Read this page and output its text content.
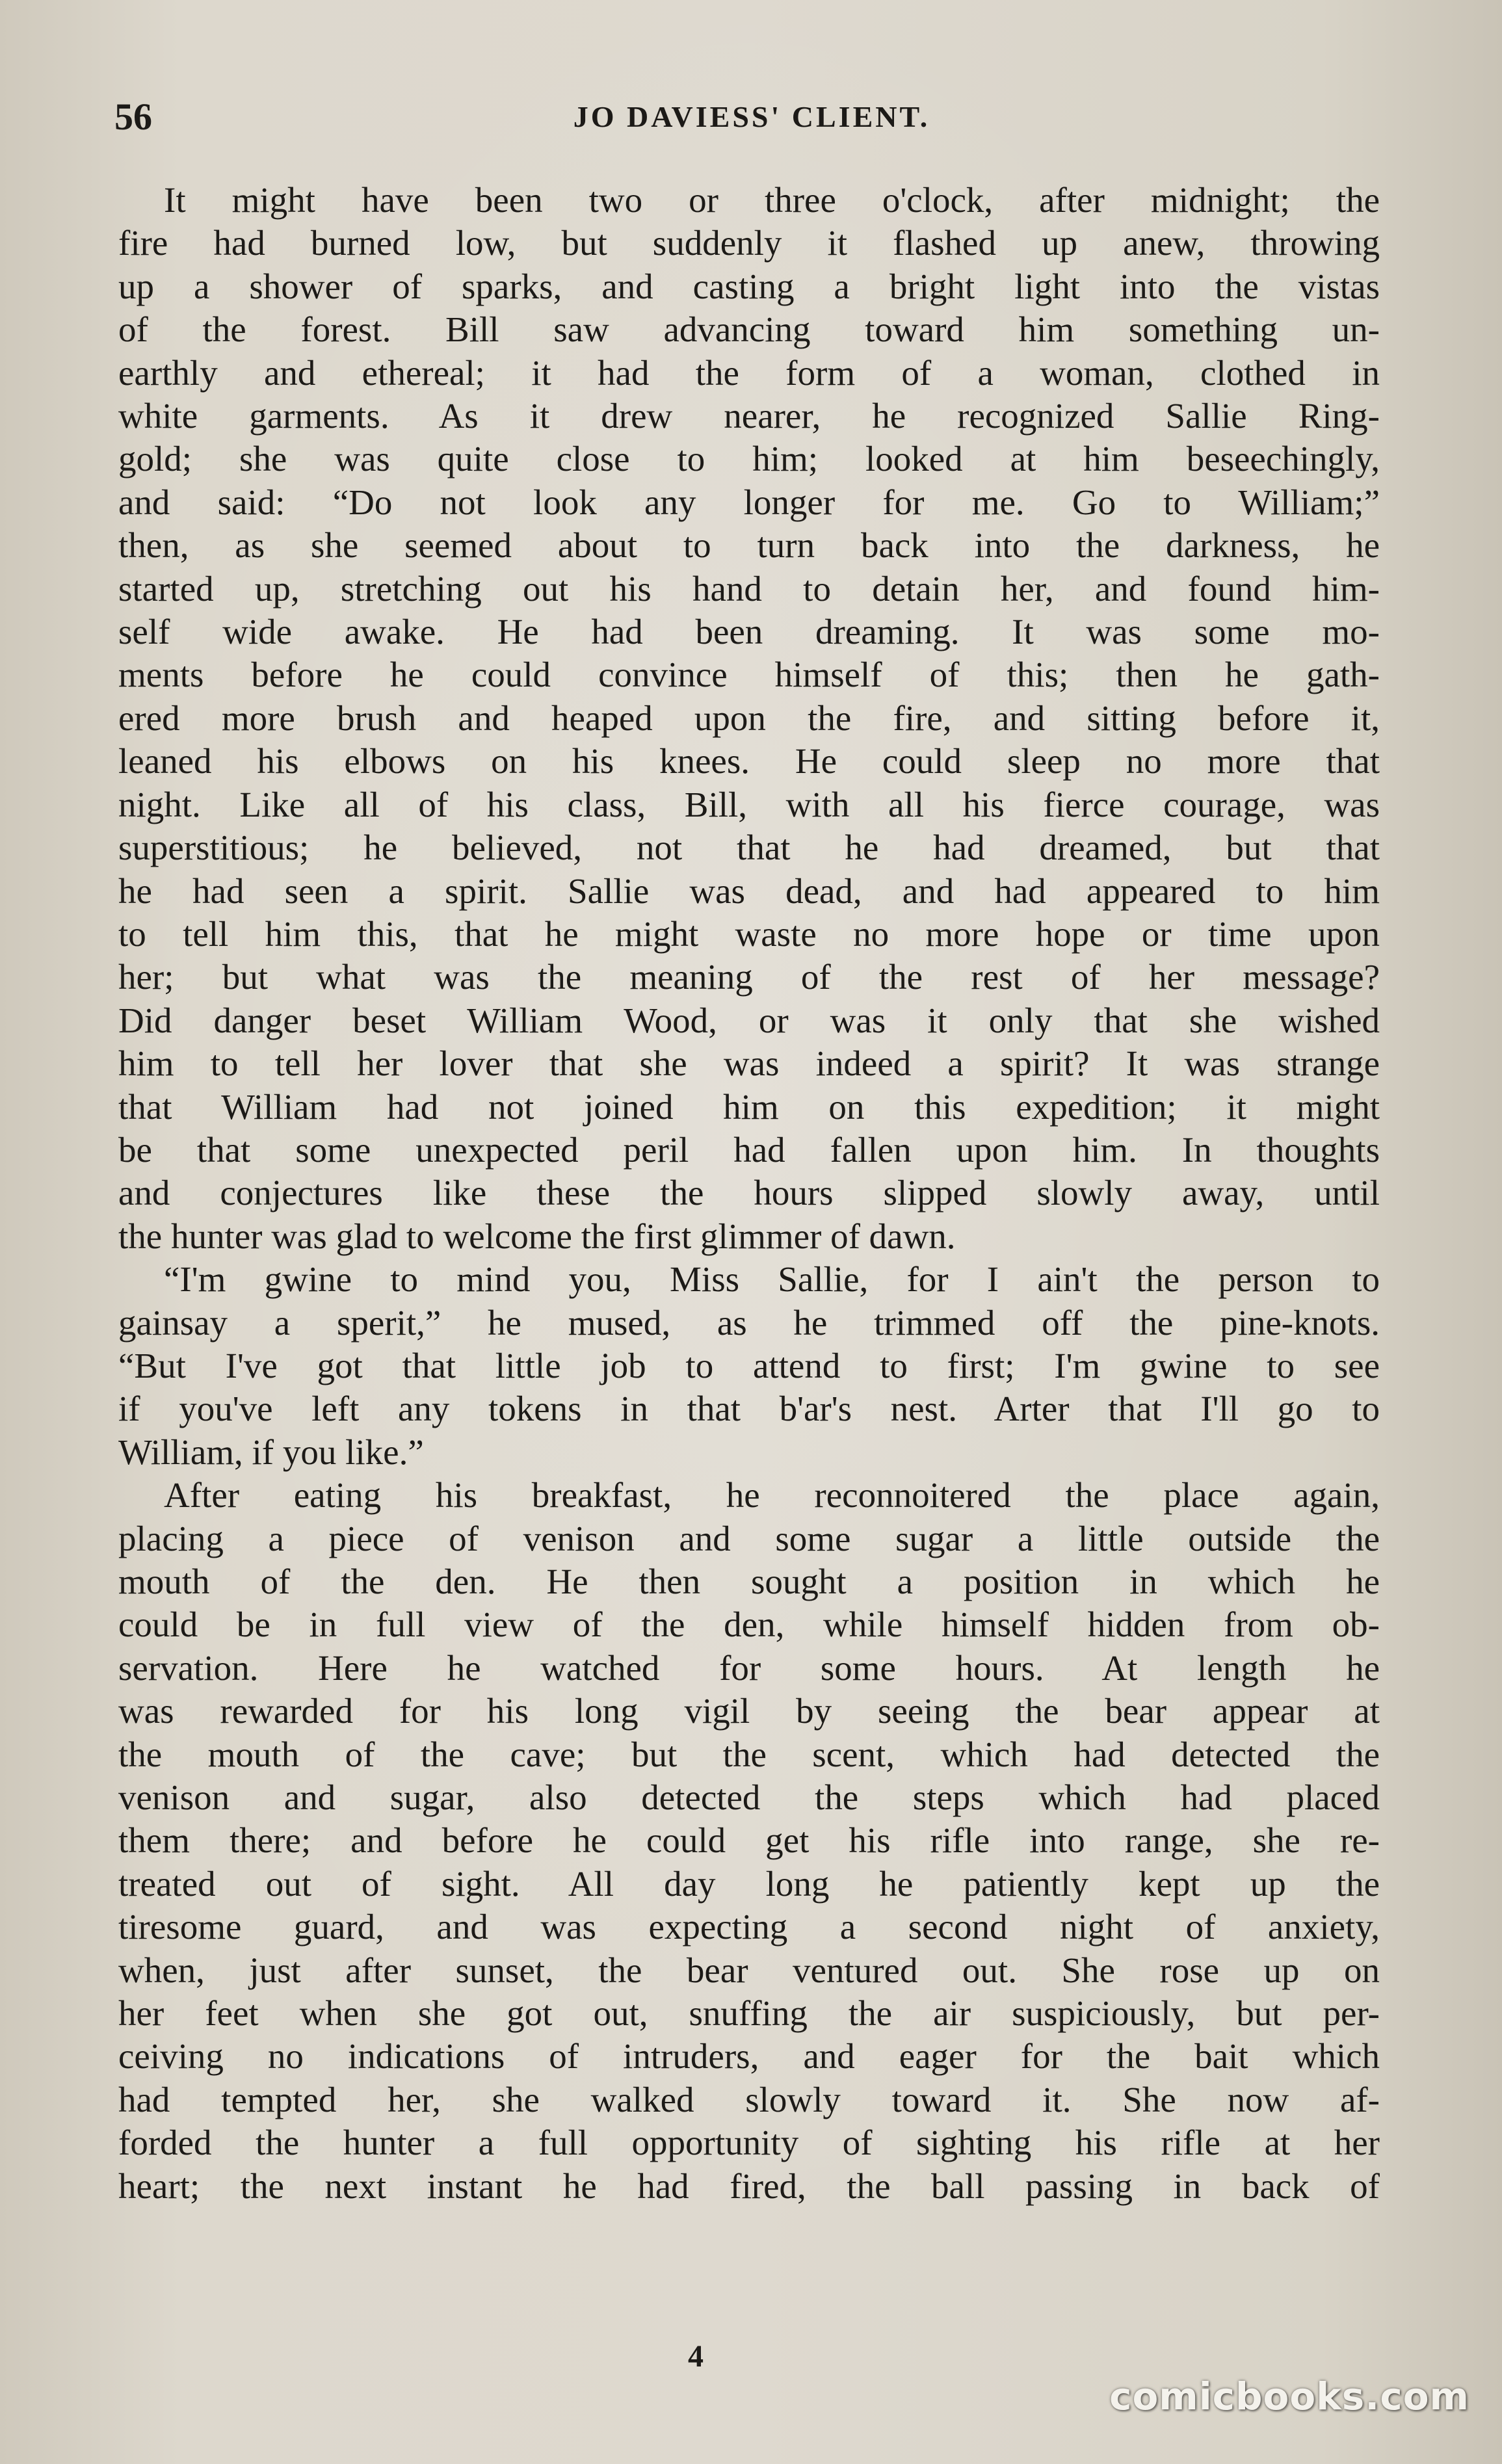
56	JO DAVIESS' CLIENT.

It might have been two or three o'clock, after midnight; the
fire had burned low, but suddenly it flashed up anew, throwing
up a shower of sparks, and casting a bright light into the vistas
of the forest. Bill saw advancing toward him something un-
earthly and ethereal; it had the form of a woman, clothed in
white garments. As it drew nearer, he recognized Sallie Ring-
gold; she was quite close to him; looked at him beseechingly,
and said: “Do not look any longer for me. Go to William;”
then, as she seemed about to turn back into the darkness, he
started up, stretching out his hand to detain her, and found him-
self wide awake. He had been dreaming. It was some mo-
ments before he could convince himself of this; then he gath-
ered more brush and heaped upon the fire, and sitting before it,
leaned his elbows on his knees. He could sleep no more that
night. Like all of his class, Bill, with all his fierce courage, was
superstitious; he believed, not that he had dreamed, but that
he had seen a spirit. Sallie was dead, and had appeared to him
to tell him this, that he might waste no more hope or time upon
her; but what was the meaning of the rest of her message?
Did danger beset William Wood, or was it only that she wished
him to tell her lover that she was indeed a spirit? It was strange
that William had not joined him on this expedition; it might
be that some unexpected peril had fallen upon him. In thoughts
and conjectures like these the hours slipped slowly away, until
the hunter was glad to welcome the first glimmer of dawn.

“I'm gwine to mind you, Miss Sallie, for I ain't the person to
gainsay a sperit,” he mused, as he trimmed off the pine-knots.
“But I've got that little job to attend to first; I'm gwine to see
if you've left any tokens in that b'ar's nest. Arter that I'll go to
William, if you like.”

After eating his breakfast, he reconnoitered the place again,
placing a piece of venison and some sugar a little outside the
mouth of the den. He then sought a position in which he
could be in full view of the den, while himself hidden from ob-
servation. Here he watched for some hours. At length he
was rewarded for his long vigil by seeing the bear appear at
the mouth of the cave; but the scent, which had detected the
venison and sugar, also detected the steps which had placed
them there; and before he could get his rifle into range, she re-
treated out of sight. All day long he patiently kept up the
tiresome guard, and was expecting a second night of anxiety,
when, just after sunset, the bear ventured out. She rose up on
her feet when she got out, snuffing the air suspiciously, but per-
ceiving no indications of intruders, and eager for the bait which
had tempted her, she walked slowly toward it. She now af-
forded the hunter a full opportunity of sighting his rifle at her
heart; the next instant he had fired, the ball passing in back of

4
comicbooks.com
